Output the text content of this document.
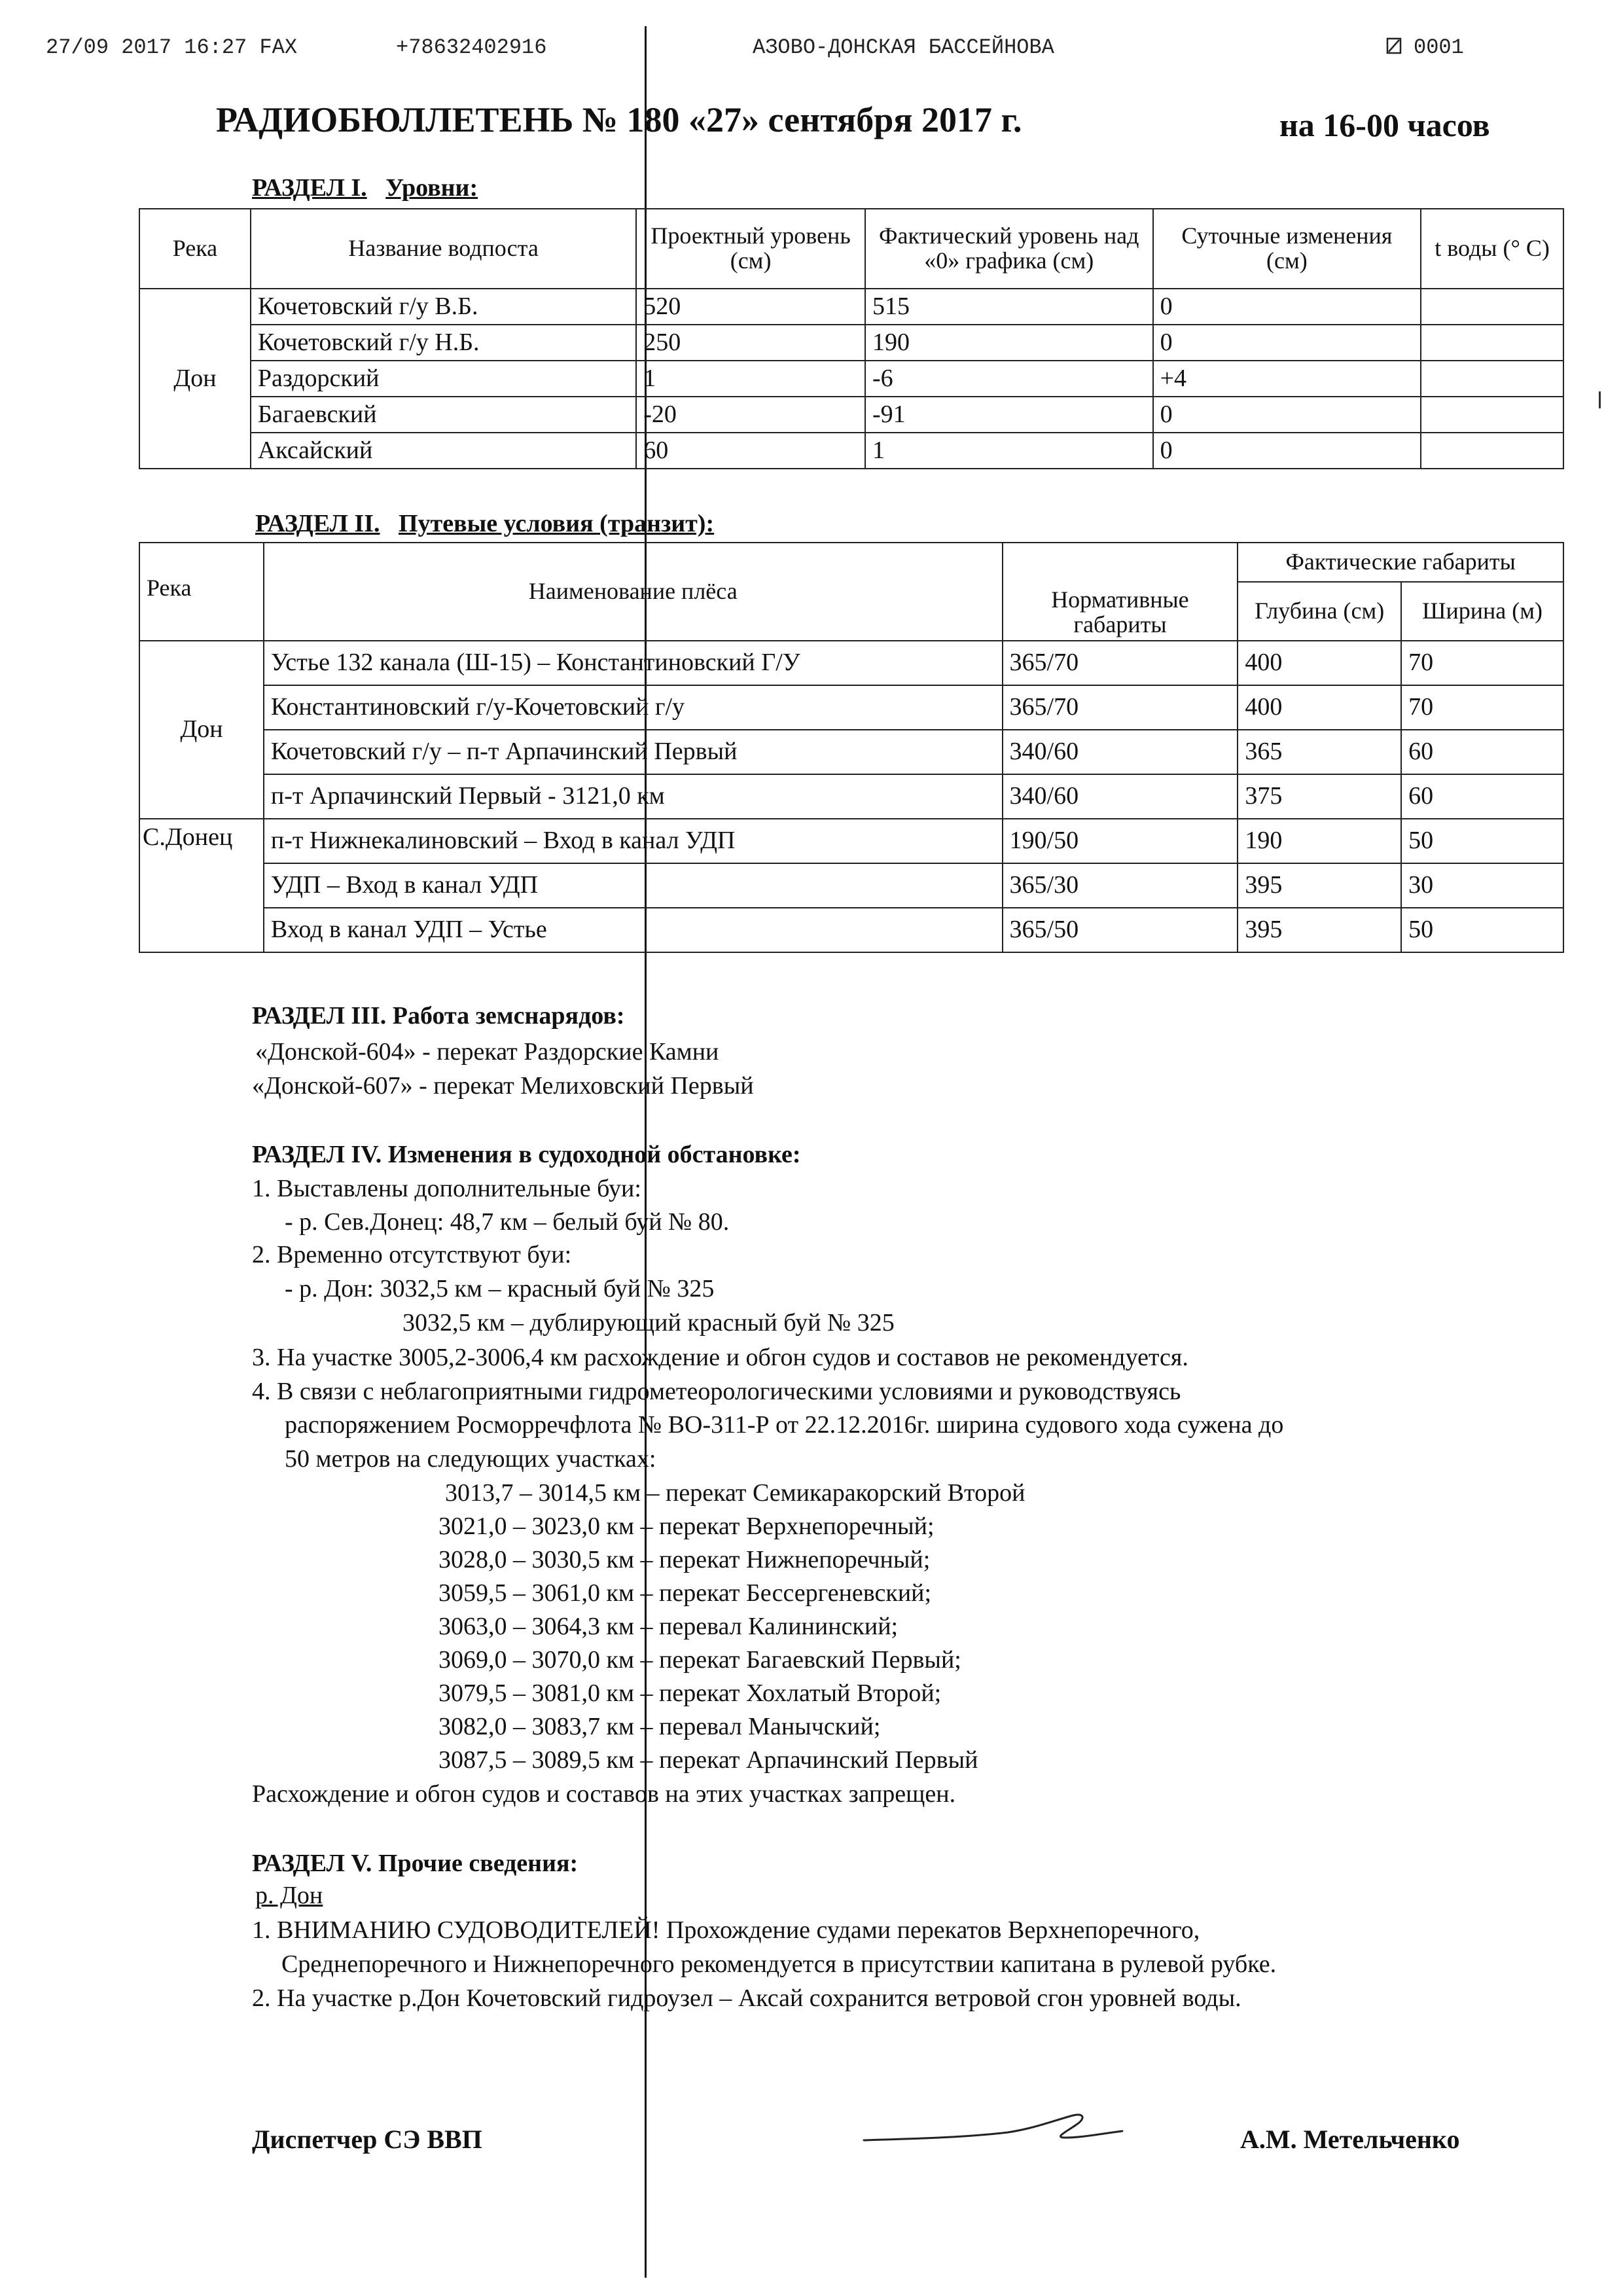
27/09 2017 16:27 FAX	+78632402916	АЗОВО-ДОНСКАЯ БАССЕЙНОВА	 0001
РАДИОБЮЛЛЕТЕНЬ № 180 «27» сентября 2017 г.	на 16-00 часов
РАЗДЕЛ I. Уровни:
Река	Название водпоста	Проектный уровень (см)	Фактический уровень над «0» графика (см)	Суточные изменения (см)	t воды (° С)
Дон	Кочетовский г/у В.Б.	520	515	0	
	Кочетовский г/у Н.Б.	250	190	0	
	Раздорский	1	-6	+4	
	Багаевский	-20	-91	0	
	Аксайский	60	1	0	
РАЗДЕЛ II. Путевые условия (транзит):
Река	Наименование плёса	Нормативные габариты	Фактические габариты	
			Глубина (см)	Ширина (м)
Дон	Устье 132 канала (Ш-15) – Константиновский Г/У	365/70	400	70
	Константиновский г/у-Кочетовский г/у	365/70	400	70
	Кочетовский г/у – п-т Арпачинский Первый	340/60	365	60
	п-т Арпачинский Первый - 3121,0 км	340/60	375	60
С.Донец	п-т Нижнекалиновский – Вход в канал УДП	190/50	190	50
	УДП – Вход в канал УДП	365/30	395	30
	Вход в канал УДП – Устье	365/50	395	50
РАЗДЕЛ III. Работа земснарядов:
«Донской-604» - перекат Раздорские Камни
«Донской-607» - перекат Мелиховский Первый
РАЗДЕЛ IV. Изменения в судоходной обстановке:
1. Выставлены дополнительные буи:
- р. Сев.Донец: 48,7 км – белый буй № 80.
2. Временно отсутствуют буи:
- р. Дон: 3032,5 км – красный буй № 325
3032,5 км – дублирующий красный буй № 325
3. На участке 3005,2-3006,4 км расхождение и обгон судов и составов не рекомендуется.
4. В связи с неблагоприятными гидрометеорологическими условиями и руководствуясь
распоряжением Росморречфлота № ВО-311-Р от 22.12.2016г. ширина судового хода сужена до
50 метров на следующих участках:
3013,7 – 3014,5 км – перекат Семикаракорский Второй
3021,0 – 3023,0 км – перекат Верхнепоречный;
3028,0 – 3030,5 км – перекат Нижнепоречный;
3059,5 – 3061,0 км – перекат Бессергеневский;
3063,0 – 3064,3 км – перевал Калининский;
3069,0 – 3070,0 км – перекат Багаевский Первый;
3079,5 – 3081,0 км – перекат Хохлатый Второй;
3082,0 – 3083,7 км – перевал Манычский;
3087,5 – 3089,5 км – перекат Арпачинский Первый
Расхождение и обгон судов и составов на этих участках запрещен.
РАЗДЕЛ V. Прочие сведения:
р. Дон
1. ВНИМАНИЮ СУДОВОДИТЕЛЕЙ! Прохождение судами перекатов Верхнепоречного,
Среднепоречного и Нижнепоречного рекомендуется в присутствии капитана в рулевой рубке.
2. На участке р.Дон Кочетовский гидроузел – Аксай сохранится ветровой сгон уровней воды.
Диспетчер СЭ ВВП	А.М. Метельченко
